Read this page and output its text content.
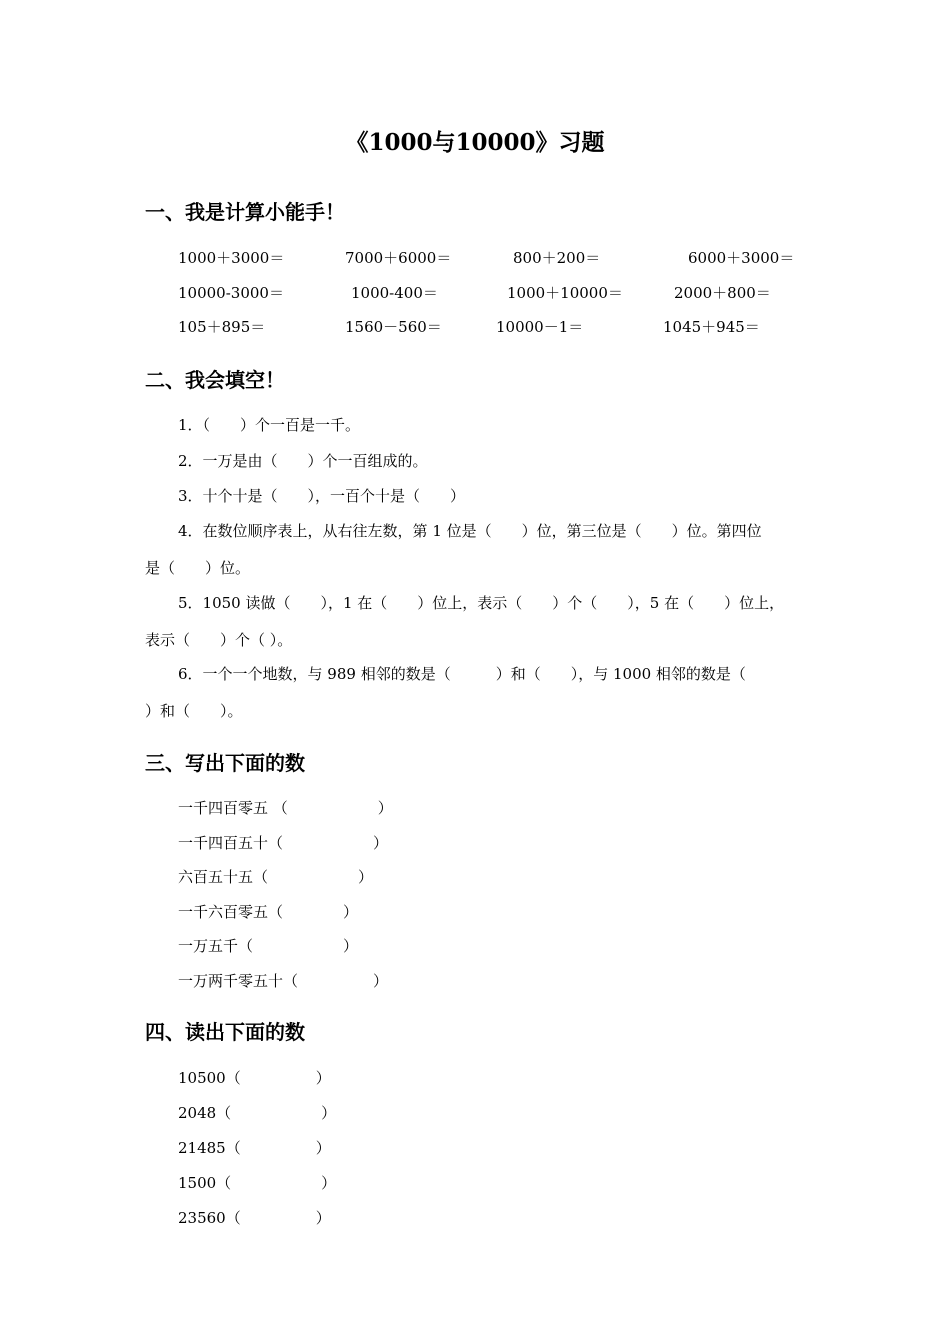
《1000与10000》习题
一、我是计算小能手！
1000＋3000＝	7000＋6000＝	800＋200＝	6000＋3000＝
10000-3000＝	1000-400＝	1000＋10000＝	2000＋800＝
105＋895＝	1560－560＝	10000－1＝	1045＋945＝
二、我会填空！
1．（　　）个一百是一千。
2．一万是由（　　）个一百组成的。
3．十个十是（　　），一百个十是（　　）
4．在数位顺序表上，从右往左数，第 1 位是（　　）位，第三位是（　　）位。第四位
是（　　）位。
5．1050 读做（　　），1 在（　　）位上，表示（　　）个（　　），5 在（　　）位上，
表示（　　）个（ ）。
6．一个一个地数，与 989 相邻的数是（　　　）和（　　），与 1000 相邻的数是（
）和（　　）。
三、写出下面的数
一千四百零五 （　　　　　　）
一千四百五十（　　　　　　）
六百五十五（　　　　　　）
一千六百零五（　　　　）
一万五千（　　　　　　）
一万两千零五十（　　　　　）
四、读出下面的数
10500（　　　　　）
2048（　　　　　　）
21485（　　　　　）
1500（　　　　　　）
23560（　　　　　）
